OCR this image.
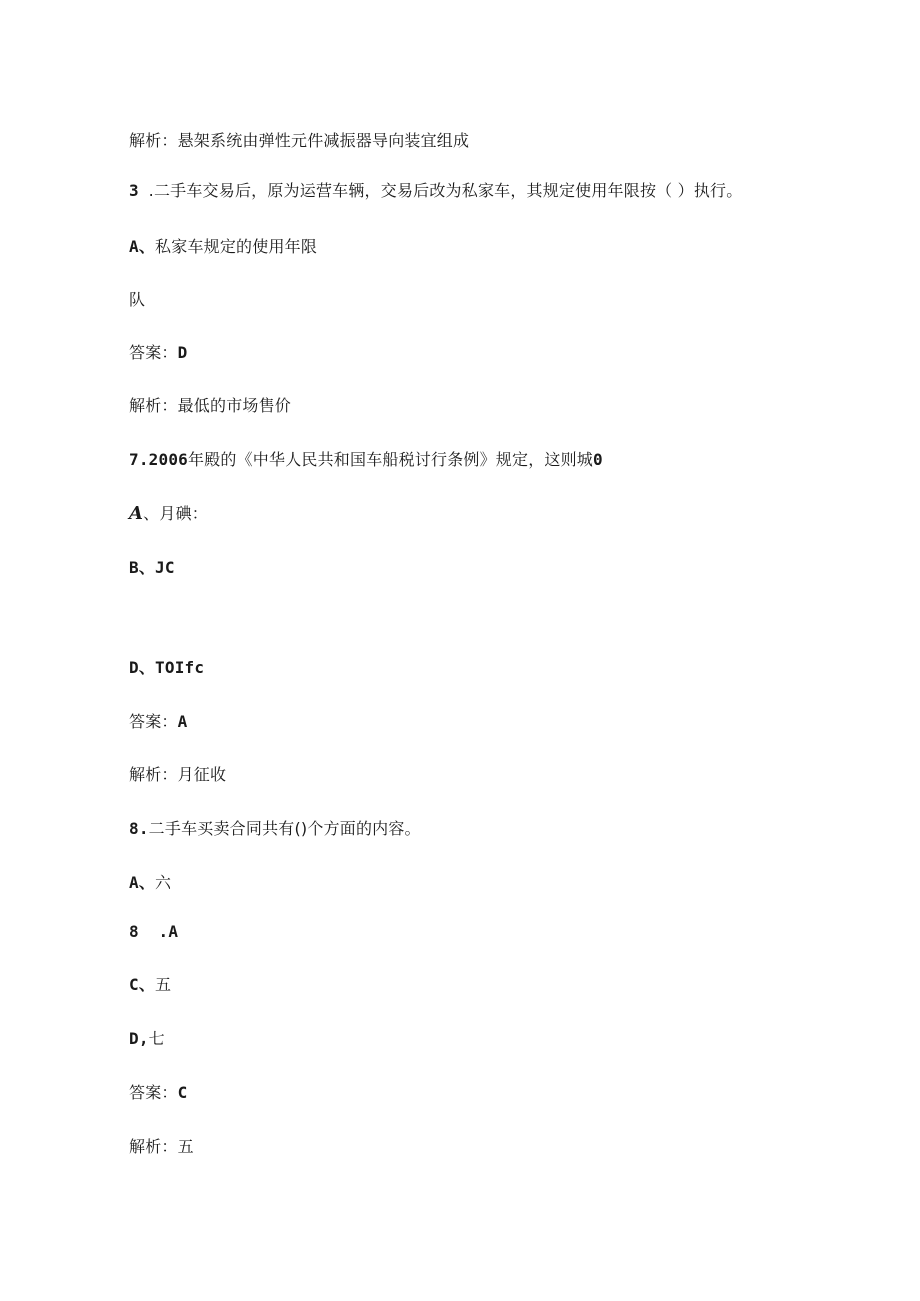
解析：悬架系统由弹性元件减振器导向装宜组成
3 .二手车交易后，原为运营车辆，交易后改为私家车，其规定使用年限按（ ）执行。
A、私家车规定的使用年限
队
答案：D
解析：最低的市场售价
7.2006年殿的《中华人民共和国车船税讨行条例》规定，这则城0
A、月碘：
B、JC
D、TOIfc
答案：A
解析：月征收
8.二手车买卖合同共有()个方面的内容。
A、六
8  .A
C、五
D,七
答案：C
解析：五
